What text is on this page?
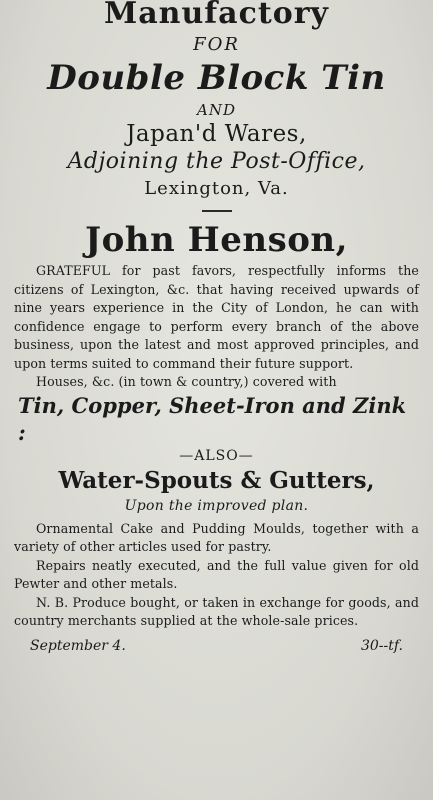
Manufactory
FOR
Double Block Tin
AND
Japan'd Wares,
Adjoining the Post-Office,
Lexington, Va.
John Henson,
GRATEFUL for past favors, respectfully informs the citizens of Lexington, &c. that having received upwards of nine years experience in the City of London, he can with confidence engage to perform every branch of the above business, upon the latest and most approved principles, and upon terms suited to command their future support.
Houses, &c. (in town & country,) covered with
Tin, Copper, Sheet-Iron and Zink :
—ALSO—
Water-Spouts & Gutters,
Upon the improved plan.
Ornamental Cake and Pudding Moulds, together with a variety of other articles used for pastry.
Repairs neatly executed, and the full value given for old Pewter and other metals.
N. B. Produce bought, or taken in exchange for goods, and country merchants supplied at the whole-sale prices.
September 4.	30--tf.
